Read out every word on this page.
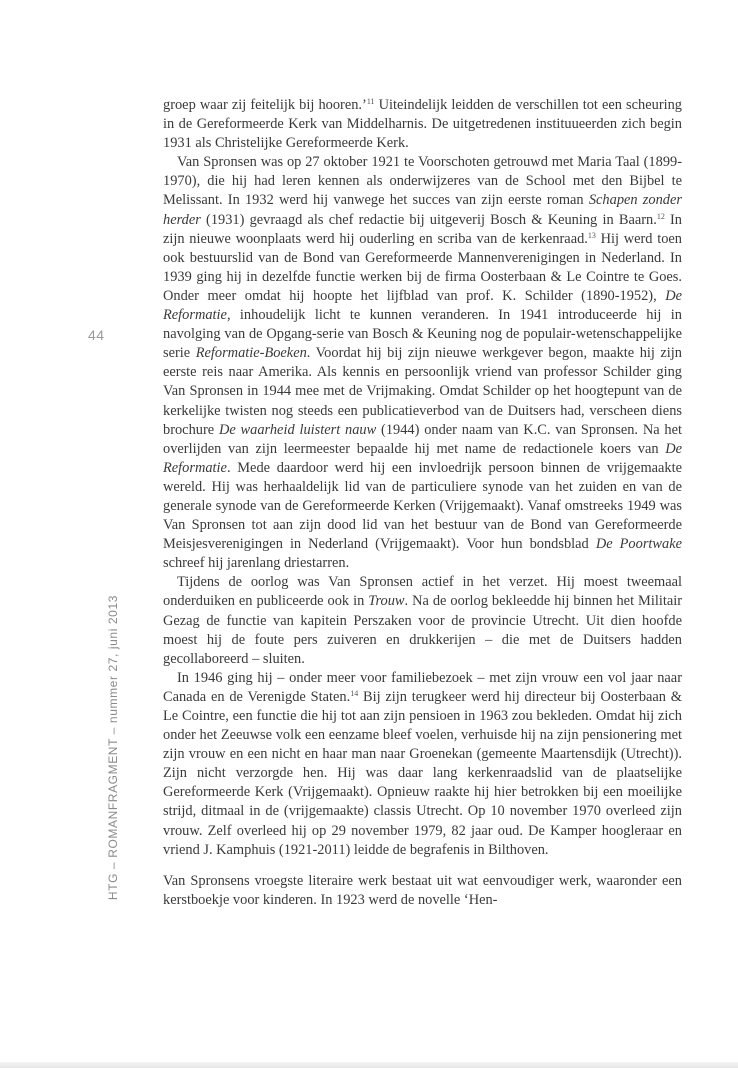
44
HTG – ROMANFRAGMENT – nummer 27, juni 2013

groep waar zij feitelijk bij hooren.’$^{11}$ Uiteindelijk leidden de verschillen tot een scheuring in de Gereformeerde Kerk van Middelharnis. De uitgetredenen instituueerden zich begin 1931 als Christelijke Gereformeerde Kerk.

Van Spronsen was op 27 oktober 1921 te Voorschoten getrouwd met Maria Taal (1899-1970), die hij had leren kennen als onderwijzeres van de School met den Bijbel te Melissant. In 1932 werd hij vanwege het succes van zijn eerste roman Schapen zonder herder (1931) gevraagd als chef redactie bij uitgeverij Bosch & Keuning in Baarn.$^{12}$ In zijn nieuwe woonplaats werd hij ouderling en scriba van de kerkenraad.$^{13}$ Hij werd toen ook bestuurslid van de Bond van Gereformeerde Mannenverenigingen in Nederland. In 1939 ging hij in dezelfde functie werken bij de firma Oosterbaan & Le Cointre te Goes. Onder meer omdat hij hoopte het lijfblad van prof. K. Schilder (1890-1952), De Reformatie, inhoudelijk licht te kunnen veranderen. In 1941 introduceerde hij in navolging van de Opgang-serie van Bosch & Keuning nog de populair-wetenschappelijke serie Reformatie-Boeken. Voordat hij bij zijn nieuwe werkgever begon, maakte hij zijn eerste reis naar Amerika. Als kennis en persoonlijk vriend van professor Schilder ging Van Spronsen in 1944 mee met de Vrijmaking. Omdat Schilder op het hoogtepunt van de kerkelijke twisten nog steeds een publicatieverbod van de Duitsers had, verscheen diens brochure De waarheid luistert nauw (1944) onder naam van K.C. van Spronsen. Na het overlijden van zijn leermeester bepaalde hij met name de redactionele koers van De Reformatie. Mede daardoor werd hij een invloedrijk persoon binnen de vrijgemaakte wereld. Hij was herhaaldelijk lid van de particuliere synode van het zuiden en van de generale synode van de Gereformeerde Kerken (Vrijgemaakt). Vanaf omstreeks 1949 was Van Spronsen tot aan zijn dood lid van het bestuur van de Bond van Gereformeerde Meisjesverenigingen in Nederland (Vrijgemaakt). Voor hun bondsblad De Poortwake schreef hij jarenlang driestarren.

Tijdens de oorlog was Van Spronsen actief in het verzet. Hij moest tweemaal onderduiken en publiceerde ook in Trouw. Na de oorlog bekleedde hij binnen het Militair Gezag de functie van kapitein Perszaken voor de provincie Utrecht. Uit dien hoofde moest hij de foute pers zuiveren en drukkerijen – die met de Duitsers hadden gecollaboreerd – sluiten.

In 1946 ging hij – onder meer voor familiebezoek – met zijn vrouw een vol jaar naar Canada en de Verenigde Staten.$^{14}$ Bij zijn terugkeer werd hij directeur bij Oosterbaan & Le Cointre, een functie die hij tot aan zijn pensioen in 1963 zou bekleden. Omdat hij zich onder het Zeeuwse volk een eenzame bleef voelen, verhuisde hij na zijn pensionering met zijn vrouw en een nicht en haar man naar Groenekan (gemeente Maartensdijk (Utrecht)). Zijn nicht verzorgde hen. Hij was daar lang kerkenraadslid van de plaatselijke Gereformeerde Kerk (Vrijgemaakt). Opnieuw raakte hij hier betrokken bij een moeilijke strijd, ditmaal in de (vrijgemaakte) classis Utrecht. Op 10 november 1970 overleed zijn vrouw. Zelf overleed hij op 29 november 1979, 82 jaar oud. De Kamper hoogleraar en vriend J. Kamphuis (1921-2011) leidde de begrafenis in Bilthoven.

Van Spronsens vroegste literaire werk bestaat uit wat eenvoudiger werk, waaronder een kerstboekje voor kinderen. In 1923 werd de novelle ‘Hen-
